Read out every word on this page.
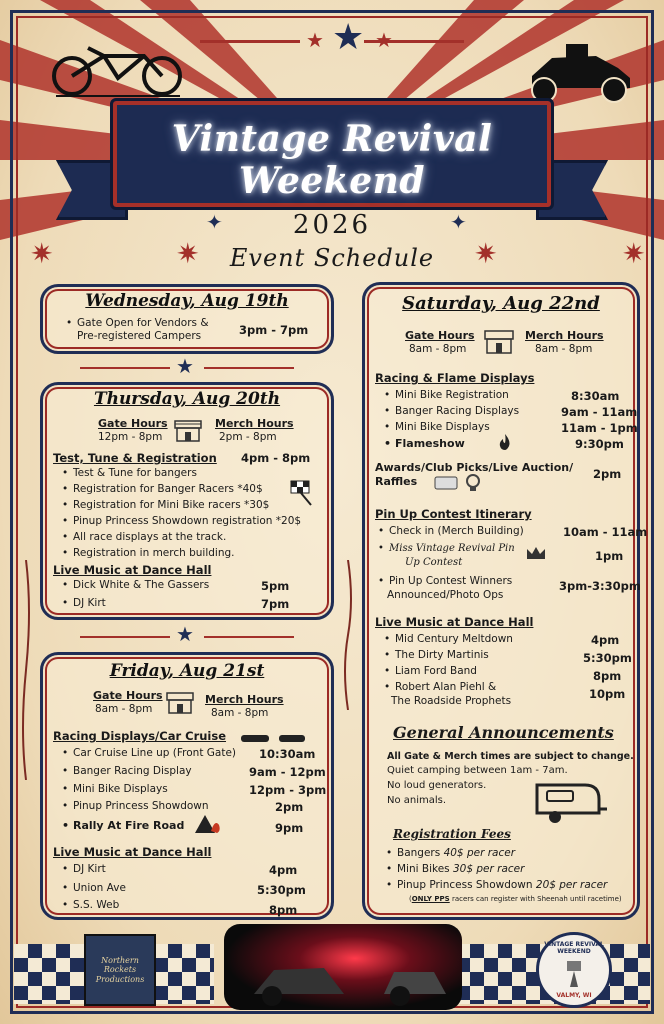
★ ★ ★
Vintage Revival Weekend
2026
Event Schedule
✷	✷
✦
✷
✦
✷
Wednesday, Aug 19th
• Gate Open for Vendors &
Pre-registered Campers	3pm - 7pm
★
Thursday, Aug 20th
Gate Hours
12pm - 8pm
Merch Hours
2pm - 8pm
Test, Tune & Registration 4pm - 8pm
• Test & Tune for bangers
• Registration for Banger Racers *40$
• Registration for Mini Bike racers *30$
• Pinup Princess Showdown registration *20$
• All race displays at the track.
• Registration in merch building.
Live Music at Dance Hall
• Dick White & The Gassers	5pm
• DJ Kirt	7pm
★
Friday, Aug 21st
Gate Hours
8am - 8pm
Merch Hours
8am - 8pm
Racing Displays/Car Cruise
• Car Cruise Line up (Front Gate) 10:30am
• Banger Racing Display	9am - 12pm
• Mini Bike Displays	12pm - 3pm
• Pinup Princess Showdown	2pm
• Rally At Fire Road	9pm
Live Music at Dance Hall
• DJ Kirt	4pm
• Union Ave	5:30pm
• S.S. Web	8pm
Saturday, Aug 22nd
Gate Hours
8am - 8pm
Merch Hours
8am - 8pm
Racing & Flame Displays
• Mini Bike Registration	8:30am
• Banger Racing Displays	9am - 11am
• Mini Bike Displays	11am - 1pm
• Flameshow	9:30pm
Awards/Club Picks/Live Auction/
Raffles
2pm
Pin Up Contest Itinerary
• Check in (Merch Building)	10am - 11am
• Miss Vintage Revival Pin
Up Contest	1pm
• Pin Up Contest Winners
Announced/Photo Ops
3pm-3:30pm
Live Music at Dance Hall
• Mid Century Meltdown	4pm
• The Dirty Martinis	5:30pm
• Liam Ford Band	8pm
• Robert Alan Piehl &
The Roadside Prophets	10pm
General Announcements
All Gate & Merch times are subject to change.
Quiet camping between 1am - 7am.
No loud generators.
No animals.
Registration Fees
• Bangers 40$ per racer
• Mini Bikes 30$ per racer
• Pinup Princess Showdown 20$ per racer
(ONLY PPS racers can register with Sheenah until racetime)
Northern Rockets Productions
VINTAGE REVIVAL WEEKEND
VALMY, WI
